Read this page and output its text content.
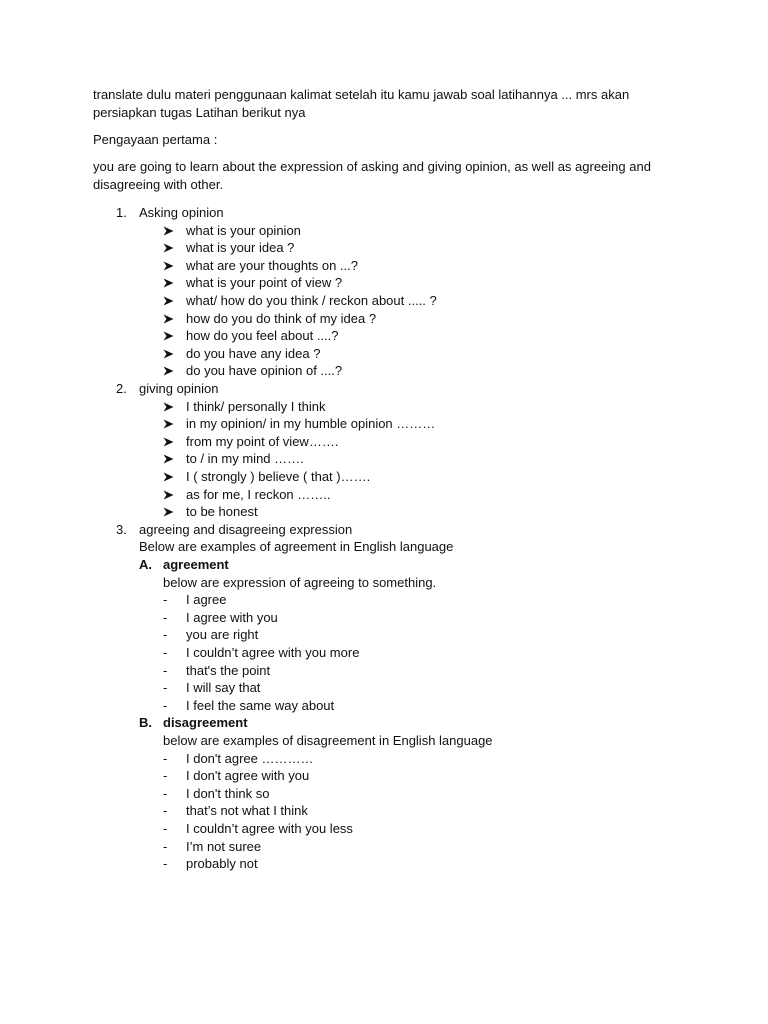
translate dulu materi penggunaan kalimat setelah itu kamu jawab soal latihannya ... mrs akan persiapkan tugas Latihan berikut nya

Pengayaan pertama :

you are going to learn about the expression of asking and giving opinion, as well as agreeing and disagreeing with other.

1. Asking opinion
what is your opinion
what is your idea ?
what are your thoughts on ...?
what is your point of view ?
what/ how do you think / reckon about ..... ?
how do you do think of my idea ?
how do you feel about ....?
do you have any idea ?
do you have opinion of ....?
2. giving opinion
I think/ personally I think
in my opinion/ in my humble opinion ………
from my point of view…….
to / in my mind …….
I ( strongly ) believe ( that )…….
as for me, I reckon ……..
to be honest
3. agreeing and disagreeing expression
Below are examples of agreement in English language
A. agreement
below are expression of agreeing to something.
- I agree
- I agree with you
- you are right
- I couldn’t agree with you more
- that's the point
- I will say that
- I feel the same way about
B. disagreement
below are examples of disagreement in English language
- I don't agree …………
- I don't agree with you
- I don't think so
- that’s not what I think
- I couldn’t agree with you less
- I’m not suree
- probably not
